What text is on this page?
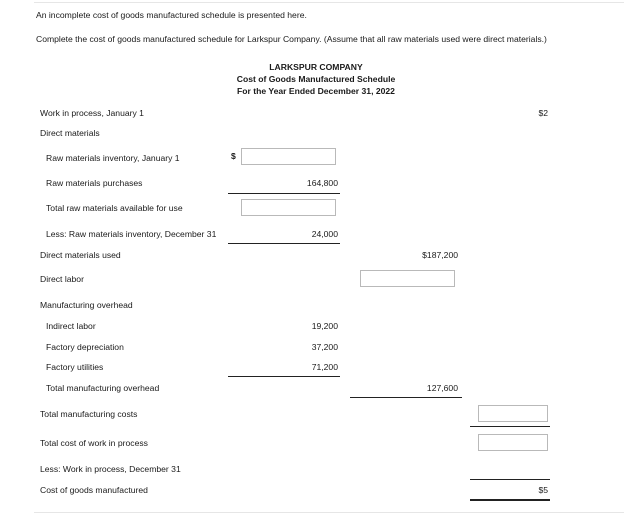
An incomplete cost of goods manufactured schedule is presented here.
Complete the cost of goods manufactured schedule for Larkspur Company. (Assume that all raw materials used were direct materials.)
LARKSPUR COMPANY
Cost of Goods Manufactured Schedule
For the Year Ended December 31, 2022
Work in process, January 1	$2
Direct materials
Raw materials inventory, January 1	$
Raw materials purchases	164,800
Total raw materials available for use
Less: Raw materials inventory, December 31	24,000
Direct materials used	$187,200
Direct labor
Manufacturing overhead
Indirect labor	19,200
Factory depreciation	37,200
Factory utilities	71,200
Total manufacturing overhead	127,600
Total manufacturing costs
Total cost of work in process
Less: Work in process, December 31
Cost of goods manufactured	$5
